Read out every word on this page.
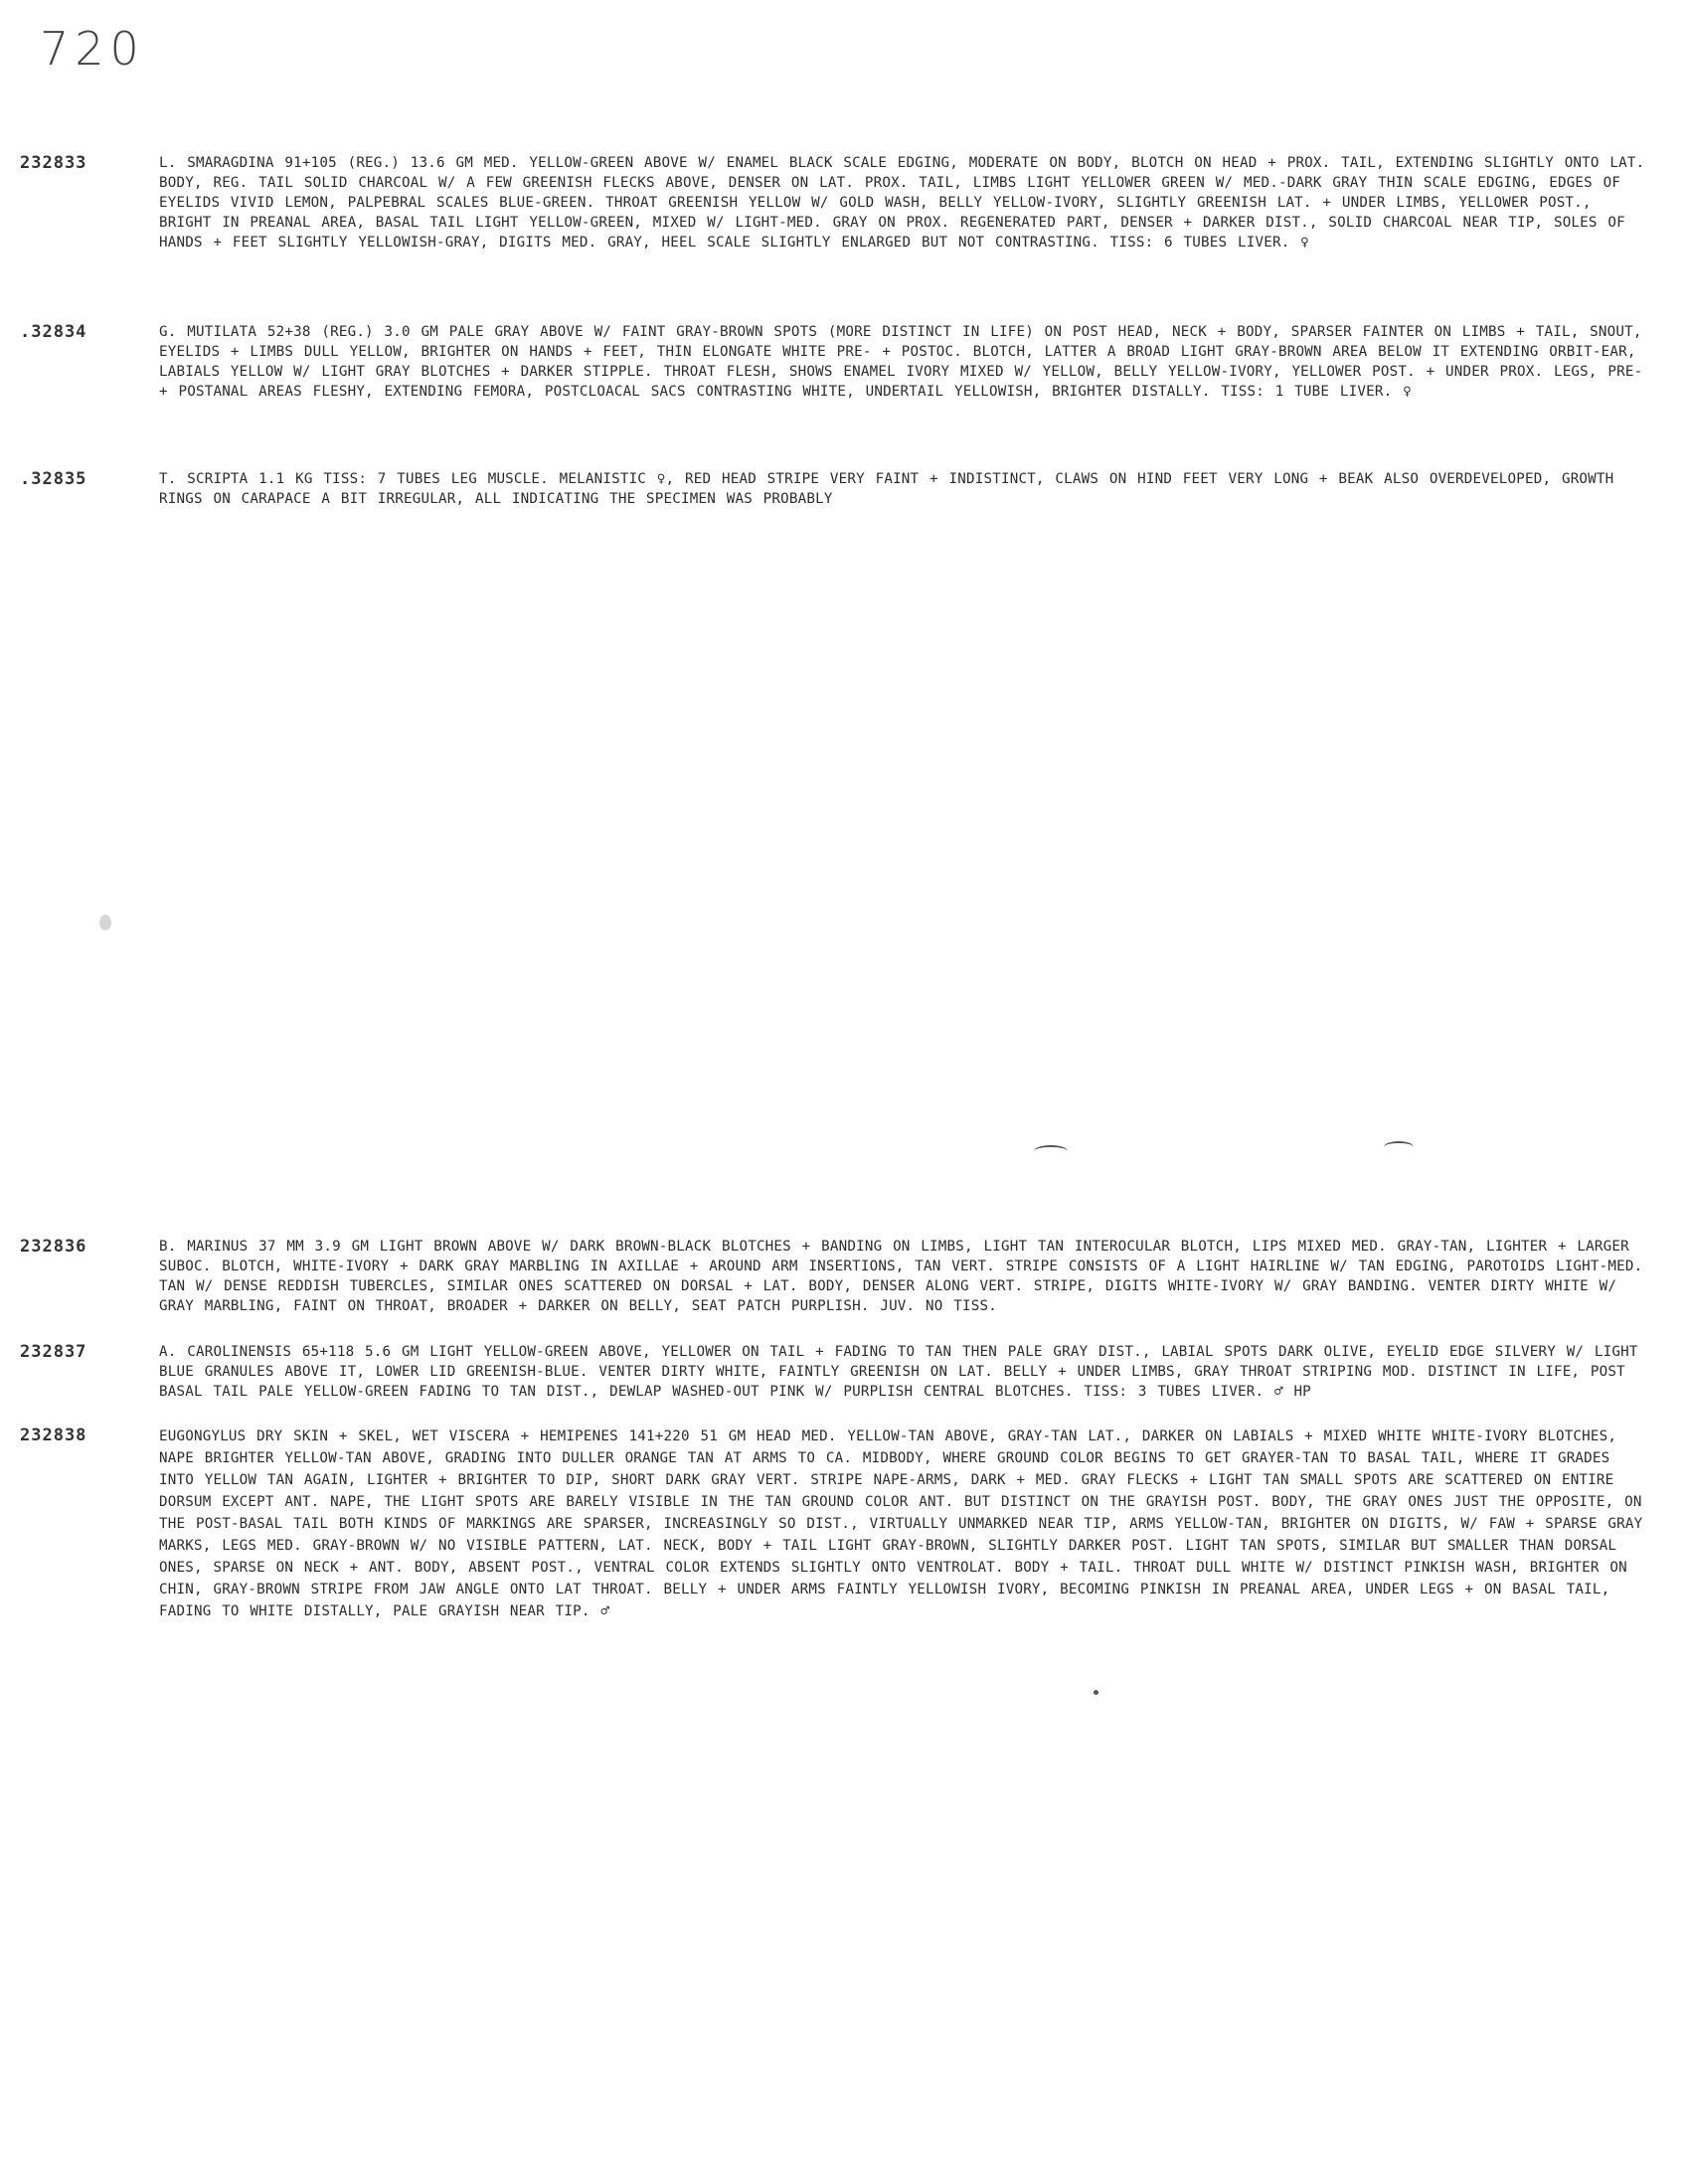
720
232833	L. SMARAGDINA 91+105 (REG.) 13.6 GM MED. YELLOW-GREEN ABOVE W/ ENAMEL BLACK SCALE EDGING, MODERATE ON BODY, BLOTCH ON HEAD + PROX. TAIL, EXTENDING SLIGHTLY ONTO LAT. BODY, REG. TAIL SOLID CHARCOAL W/ A FEW GREENISH FLECKS ABOVE, DENSER ON LAT. PROX. TAIL, LIMBS LIGHT YELLOWER GREEN W/ MED.-DARK GRAY THIN SCALE EDGING, EDGES OF EYELIDS VIVID LEMON, PALPEBRAL SCALES BLUE-GREEN. THROAT GREENISH YELLOW W/ GOLD WASH, BELLY YELLOW-IVORY, SLIGHTLY GREENISH LAT. + UNDER LIMBS, YELLOWER POST., BRIGHT IN PREANAL AREA, BASAL TAIL LIGHT YELLOW-GREEN, MIXED W/ LIGHT-MED. GRAY ON PROX. REGENERATED PART, DENSER + DARKER DIST., SOLID CHARCOAL NEAR TIP, SOLES OF HANDS + FEET SLIGHTLY YELLOWISH-GRAY, DIGITS MED. GRAY, HEEL SCALE SLIGHTLY ENLARGED BUT NOT CONTRASTING. TISS: 6 TUBES LIVER. ♀
.32834	G. MUTILATA 52+38 (REG.) 3.0 GM PALE GRAY ABOVE W/ FAINT GRAY-BROWN SPOTS (MORE DISTINCT IN LIFE) ON POST HEAD, NECK + BODY, SPARSER FAINTER ON LIMBS + TAIL, SNOUT, EYELIDS + LIMBS DULL YELLOW, BRIGHTER ON HANDS + FEET, THIN ELONGATE WHITE PRE- + POSTOC. BLOTCH, LATTER A BROAD LIGHT GRAY-BROWN AREA BELOW IT EXTENDING ORBIT-EAR, LABIALS YELLOW W/ LIGHT GRAY BLOTCHES + DARKER STIPPLE. THROAT FLESH, SHOWS ENAMEL IVORY MIXED W/ YELLOW, BELLY YELLOW-IVORY, YELLOWER POST. + UNDER PROX. LEGS, PRE- + POSTANAL AREAS FLESHY, EXTENDING FEMORA, POSTCLOACAL SACS CONTRASTING WHITE, UNDERTAIL YELLOWISH, BRIGHTER DISTALLY. TISS: 1 TUBE LIVER. ♀
.32835	T. SCRIPTA 1.1 KG TISS: 7 TUBES LEG MUSCLE. MELANISTIC ♀, RED HEAD STRIPE VERY FAINT + INDISTINCT, CLAWS ON HIND FEET VERY LONG + BEAK ALSO OVERDEVELOPED, GROWTH RINGS ON CARAPACE A BIT IRREGULAR, ALL INDICATING THE SPECIMEN WAS PROBABLY
232836	B. MARINUS 37 MM 3.9 GM LIGHT BROWN ABOVE W/ DARK BROWN-BLACK BLOTCHES + BANDING ON LIMBS, LIGHT TAN INTEROCULAR BLOTCH, LIPS MIXED MED. GRAY-TAN, LIGHTER + LARGER SUBOC. BLOTCH, WHITE-IVORY + DARK GRAY MARBLING IN AXILLAE + AROUND ARM INSERTIONS, TAN VERT. STRIPE CONSISTS OF A LIGHT HAIRLINE W/ TAN EDGING, PAROTOIDS LIGHT-MED. TAN W/ DENSE REDDISH TUBERCLES, SIMILAR ONES SCATTERED ON DORSAL + LAT. BODY, DENSER ALONG VERT. STRIPE, DIGITS WHITE-IVORY W/ GRAY BANDING. VENTER DIRTY WHITE W/ GRAY MARBLING, FAINT ON THROAT, BROADER + DARKER ON BELLY, SEAT PATCH PURPLISH. JUV. NO TISS.
232837	A. CAROLINENSIS 65+118 5.6 GM LIGHT YELLOW-GREEN ABOVE, YELLOWER ON TAIL + FADING TO TAN THEN PALE GRAY DIST., LABIAL SPOTS DARK OLIVE, EYELID EDGE SILVERY W/ LIGHT BLUE GRANULES ABOVE IT, LOWER LID GREENISH-BLUE. VENTER DIRTY WHITE, FAINTLY GREENISH ON LAT. BELLY + UNDER LIMBS, GRAY THROAT STRIPING MOD. DISTINCT IN LIFE, POST BASAL TAIL PALE YELLOW-GREEN FADING TO TAN DIST., DEWLAP WASHED-OUT PINK W/ PURPLISH CENTRAL BLOTCHES. TISS: 3 TUBES LIVER. ♂ HP
232838	EUGONGYLUS DRY SKIN + SKEL, WET VISCERA + HEMIPENES 141+220 51 GM HEAD MED. YELLOW-TAN ABOVE, GRAY-TAN LAT., DARKER ON LABIALS + MIXED WHITE WHITE-IVORY BLOTCHES, NAPE BRIGHTER YELLOW-TAN ABOVE, GRADING INTO DULLER ORANGE TAN AT ARMS TO CA. MIDBODY, WHERE GROUND COLOR BEGINS TO GET GRAYER-TAN TO BASAL TAIL, WHERE IT GRADES INTO YELLOW TAN AGAIN, LIGHTER + BRIGHTER TO DIP, SHORT DARK GRAY VERT. STRIPE NAPE-ARMS, DARK + MED. GRAY FLECKS + LIGHT TAN SMALL SPOTS ARE SCATTERED ON ENTIRE DORSUM EXCEPT ANT. NAPE, THE LIGHT SPOTS ARE BARELY VISIBLE IN THE TAN GROUND COLOR ANT. BUT DISTINCT ON THE GRAYISH POST. BODY, THE GRAY ONES JUST THE OPPOSITE, ON THE POST-BASAL TAIL BOTH KINDS OF MARKINGS ARE SPARSER, INCREASINGLY SO DIST., VIRTUALLY UNMARKED NEAR TIP, ARMS YELLOW-TAN, BRIGHTER ON DIGITS, W/ FAW + SPARSE GRAY MARKS, LEGS MED. GRAY-BROWN W/ NO VISIBLE PATTERN, LAT. NECK, BODY + TAIL LIGHT GRAY-BROWN, SLIGHTLY DARKER POST. LIGHT TAN SPOTS, SIMILAR BUT SMALLER THAN DORSAL ONES, SPARSE ON NECK + ANT. BODY, ABSENT POST., VENTRAL COLOR EXTENDS SLIGHTLY ONTO VENTROLAT. BODY + TAIL. THROAT DULL WHITE W/ DISTINCT PINKISH WASH, BRIGHTER ON CHIN, GRAY-BROWN STRIPE FROM JAW ANGLE ONTO LAT THROAT. BELLY + UNDER ARMS FAINTLY YELLOWISH IVORY, BECOMING PINKISH IN PREANAL AREA, UNDER LEGS + ON BASAL TAIL, FADING TO WHITE DISTALLY, PALE GRAYISH NEAR TIP. ♂
